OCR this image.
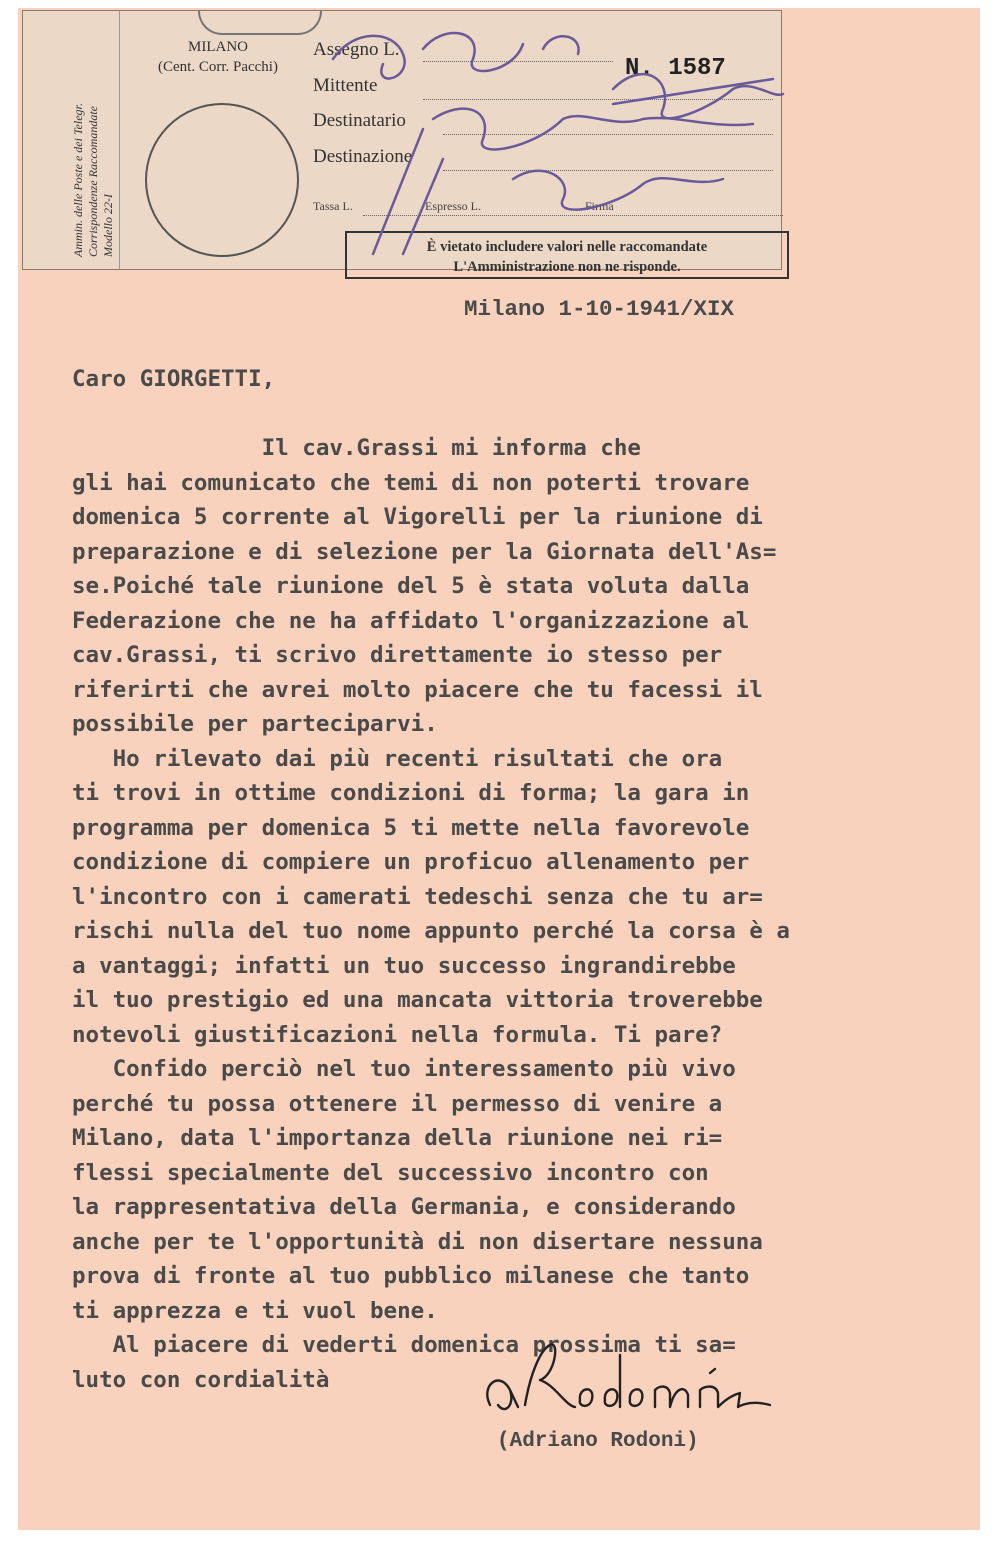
Ammin. delle Poste e dei Telegr. Corrispondenze Raccomandate Modello 22-I
MILANO
(Cent. Corr. Pacchi)
Assegno L.
N. 1587
Mittente
Destinatario
Destinazione
Tassa L.	Espresso L.	Firma
È vietato includere valori nelle raccomandate
L'Amministrazione non ne risponde.
Milano 1-10-1941/XIX
Caro GIORGETTI,

Il cav.Grassi mi informa che
gli hai comunicato che temi di non poterti trovare
domenica 5 corrente al Vigorelli per la riunione di
preparazione e di selezione per la Giornata dell'As=
se.Poiché tale riunione del 5 è stata voluta dalla
Federazione che ne ha affidato l'organizzazione al
cav.Grassi, ti scrivo direttamente io stesso per
riferirti che avrei molto piacere che tu facessi il
possibile per parteciparvi.
Ho rilevato dai più recenti risultati che ora
ti trovi in ottime condizioni di forma; la gara in
programma per domenica 5 ti mette nella favorevole
condizione di compiere un proficuo allenamento per
l'incontro con i camerati tedeschi senza che tu ar=
rischi nulla del tuo nome appunto perché la corsa è a
a vantaggi; infatti un tuo successo ingrandirebbe
il tuo prestigio ed una mancata vittoria troverebbe
notevoli giustificazioni nella formula. Ti pare?
Confido perciò nel tuo interessamento più vivo
perché tu possa ottenere il permesso di venire a
Milano, data l'importanza della riunione nei ri=
flessi specialmente del successivo incontro con
la rappresentativa della Germania, e considerando
anche per te l'opportunità di non disertare nessuna
prova di fronte al tuo pubblico milanese che tanto
ti apprezza e ti vuol bene.
Al piacere di vederti domenica prossima ti sa=
luto con cordialità
(Adriano Rodoni)
